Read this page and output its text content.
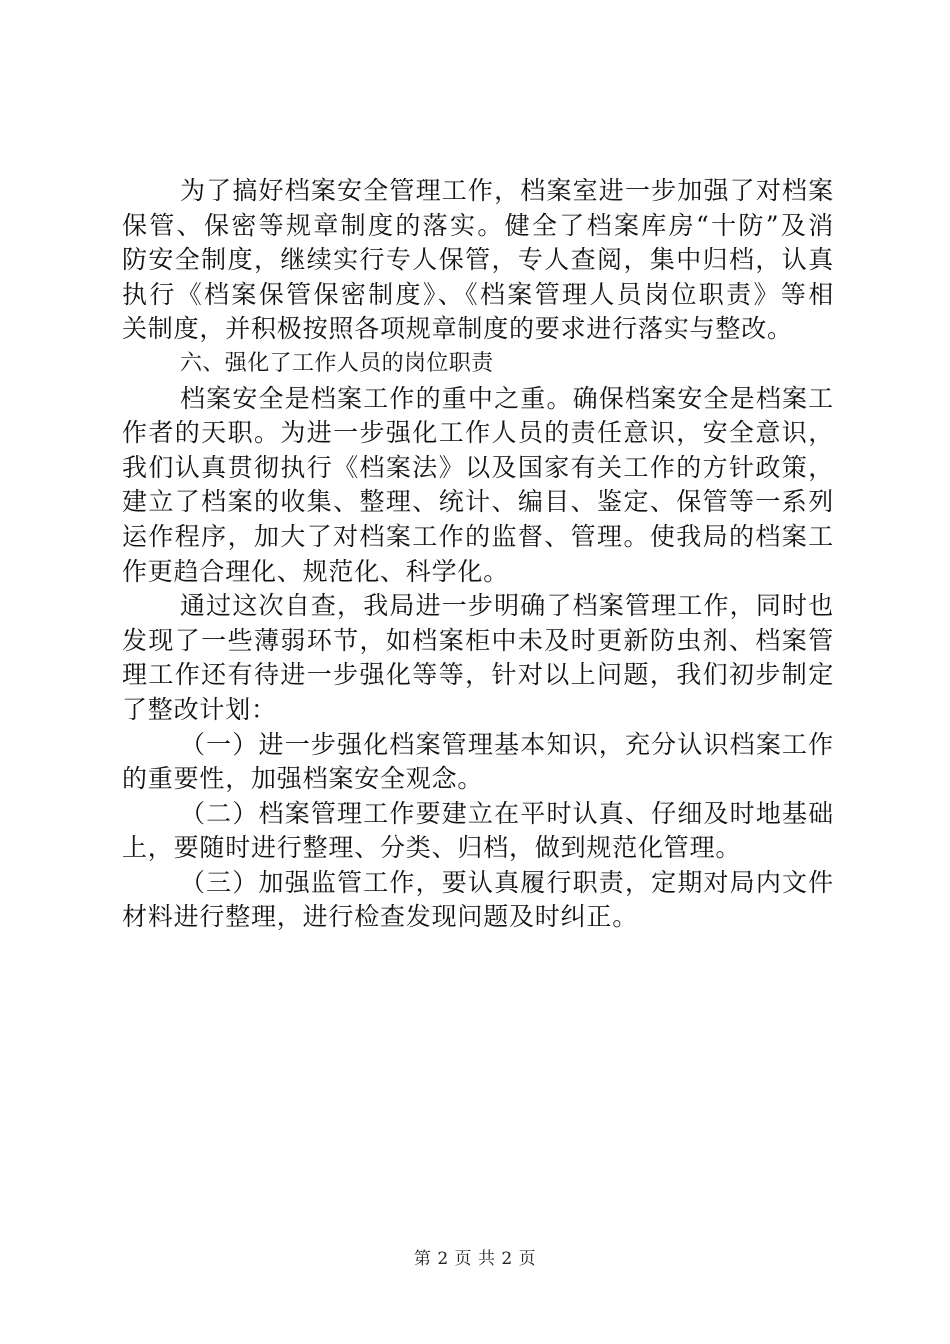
为了搞好档案安全管理工作，档案室进一步加强了对档案
保管、保密等规章制度的落实。健全了档案库房“十防”及消
防安全制度，继续实行专人保管，专人查阅，集中归档，认真
执行《档案保管保密制度》、《档案管理人员岗位职责》等相
关制度，并积极按照各项规章制度的要求进行落实与整改。
六、强化了工作人员的岗位职责
档案安全是档案工作的重中之重。确保档案安全是档案工
作者的天职。为进一步强化工作人员的责任意识，安全意识，
我们认真贯彻执行《档案法》以及国家有关工作的方针政策，
建立了档案的收集、整理、统计、编目、鉴定、保管等一系列
运作程序，加大了对档案工作的监督、管理。使我局的档案工
作更趋合理化、规范化、科学化。
通过这次自查，我局进一步明确了档案管理工作，同时也
发现了一些薄弱环节，如档案柜中未及时更新防虫剂、档案管
理工作还有待进一步强化等等，针对以上问题，我们初步制定
了整改计划：
（一）进一步强化档案管理基本知识，充分认识档案工作
的重要性，加强档案安全观念。
（二）档案管理工作要建立在平时认真、仔细及时地基础
上，要随时进行整理、分类、归档，做到规范化管理。
（三）加强监管工作，要认真履行职责，定期对局内文件
材料进行整理，进行检查发现问题及时纠正。
第 2 页 共 2 页
